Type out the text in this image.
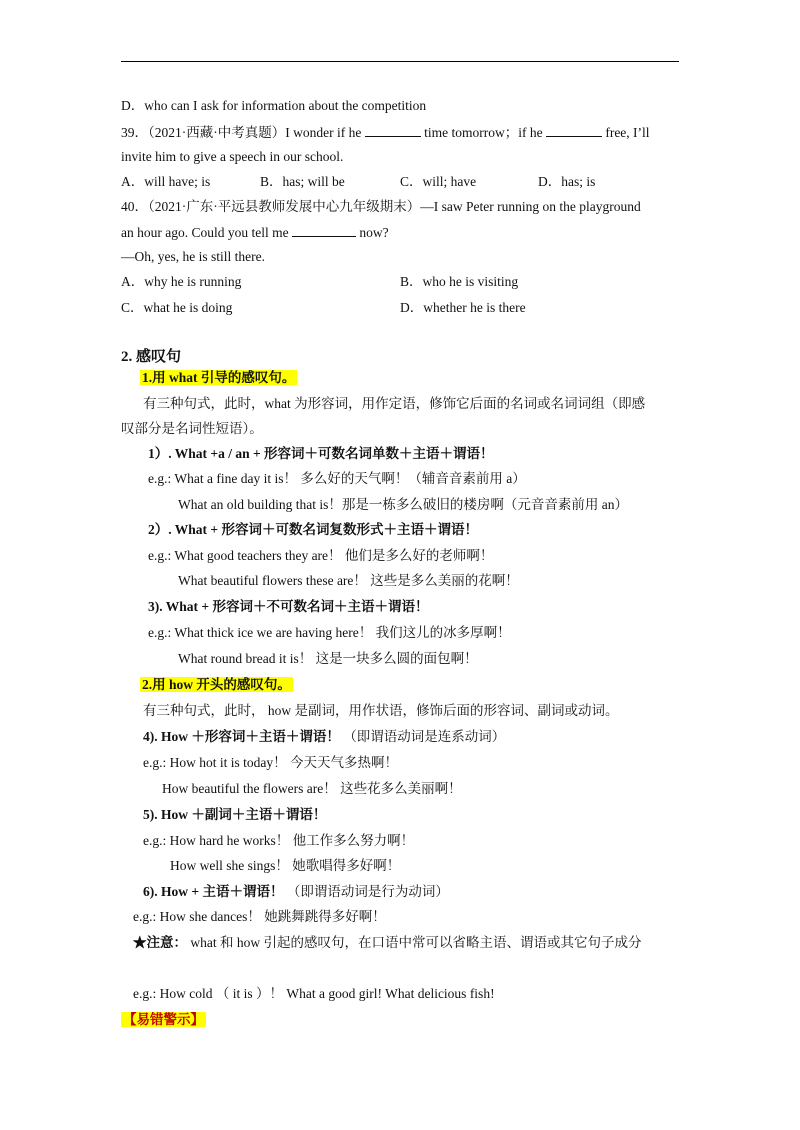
D．who can I ask for information about the competition
39．（2021·西藏·中考真题）I wonder if he	time tomorrow；if he	free, I’ll
invite him to give a speech in our school.
A．will have; is	B．has; will be	C．will; have	D．has; is
40．（2021·广东·平远县教师发展中心九年级期末）—I saw Peter running on the playground
an hour ago. Could you tell me	now?
—Oh, yes, he is still there.
A．why he is running	B．who he is visiting
C．what he is doing	D．whether he is there
2. 感叹句
1.用 what 引导的感叹句。
有三种句式，此时，what 为形容词，用作定语，修饰它后面的名词或名词词组（即感
叹部分是名词性短语）。
1）. What +a / an + 形容词＋可数名词单数＋主语＋谓语！
e.g.: What a fine day it is！ 多么好的天气啊！（辅音音素前用 a）
What an old building that is！那是一栋多么破旧的楼房啊（元音音素前用 an）
2）. What + 形容词＋可数名词复数形式＋主语＋谓语！
e.g.: What good teachers they are！ 他们是多么好的老师啊！
What beautiful flowers these are！ 这些是多么美丽的花啊！
3). What + 形容词＋不可数名词＋主语＋谓语！
e.g.: What thick ice we are having here！ 我们这儿的冰多厚啊！
What round bread it is！ 这是一块多么圆的面包啊！
2.用 how 开头的感叹句。
有三种句式，此时， how 是副词，用作状语，修饰后面的形容词、副词或动词。
4). How ＋形容词＋主语＋谓语！ （即谓语动词是连系动词）
e.g.: How hot it is today！ 今天天气多热啊！
How beautiful the flowers are！ 这些花多么美丽啊！
5). How ＋副词＋主语＋谓语！
e.g.: How hard he works！ 他工作多么努力啊！
How well she sings！ 她歌唱得多好啊！
6). How + 主语＋谓语！ （即谓语动词是行为动词）
e.g.: How she dances！ 她跳舞跳得多好啊！
★注意： what 和 how 引起的感叹句，在口语中常可以省略主语、谓语或其它句子成分
e.g.: How cold （ it is ）！ What a good girl! What delicious fish!
【易错警示】
